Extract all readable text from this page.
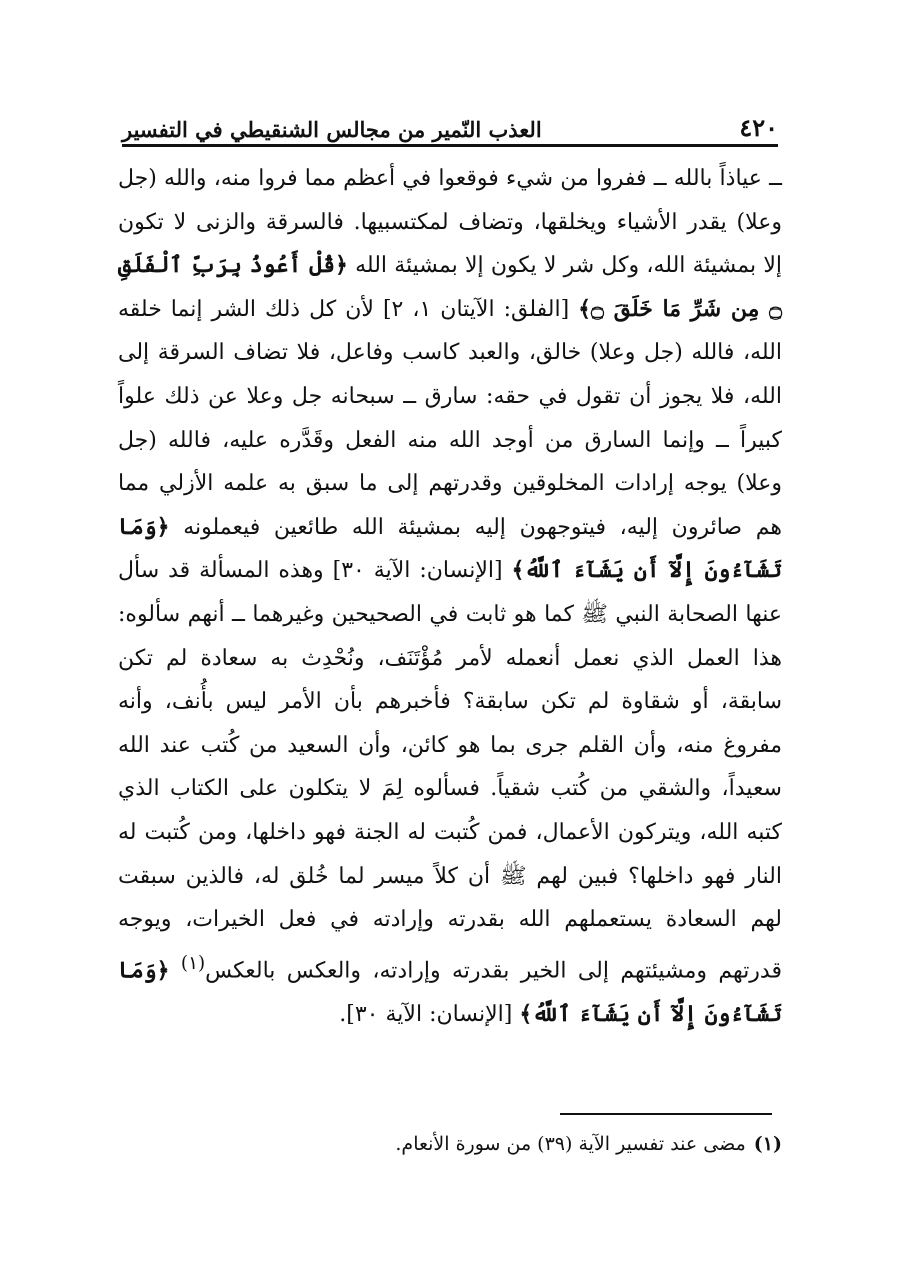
٤٢٠
العذب النّمير من مجالس الشنقيطي في التفسير

ــ عياذاً بالله ــ ففروا من شيء فوقعوا في أعظم مما فروا منه، والله (جل وعلا) يقدر الأشياء ويخلقها، وتضاف لمكتسبيها. فالسرقة والزنى لا تكون إلا بمشيئة الله، وكل شر لا يكون إلا بمشيئة الله ﴿قُلْ أَعُوذُ بِرَبِّ ٱلْفَلَقِ ۝ مِن شَرِّ مَا خَلَقَ ۝﴾ [الفلق: الآيتان ١، ٢] لأن كل ذلك الشر إنما خلقه الله، فالله (جل وعلا) خالق، والعبد كاسب وفاعل، فلا تضاف السرقة إلى الله، فلا يجوز أن تقول في حقه: سارق ــ سبحانه جل وعلا عن ذلك علواً كبيراً ــ وإنما السارق من أوجد الله منه الفعل وقَدَّره عليه، فالله (جل وعلا) يوجه إرادات المخلوقين وقدرتهم إلى ما سبق به علمه الأزلي مما هم صائرون إليه، فيتوجهون إليه بمشيئة الله طائعين فيعملونه ﴿وَمَا تَشَآءُونَ إِلَّآ أَن يَشَآءَ ٱللَّهُ﴾ [الإنسان: الآية ٣٠] وهذه المسألة قد سأل عنها الصحابة النبي ﷺ كما هو ثابت في الصحيحين وغيرهما ــ أنهم سألوه: هذا العمل الذي نعمل أنعمله لأمر مُؤْتَنَف، ونُحْدِث به سعادة لم تكن سابقة، أو شقاوة لم تكن سابقة؟ فأخبرهم بأن الأمر ليس بأُنف، وأنه مفروغ منه، وأن القلم جرى بما هو كائن، وأن السعيد من كُتب عند الله سعيداً، والشقي من كُتب شقياً. فسألوه لِمَ لا يتكلون على الكتاب الذي كتبه الله، ويتركون الأعمال، فمن كُتبت له الجنة فهو داخلها، ومن كُتبت له النار فهو داخلها؟ فبين لهم ﷺ أن كلاً ميسر لما خُلق له، فالذين سبقت لهم السعادة يستعملهم الله بقدرته وإرادته في فعل الخيرات، ويوجه قدرتهم ومشيئتهم إلى الخير بقدرته وإرادته، والعكس بالعكس$^{(١)}$ ﴿وَمَا تَشَآءُونَ إِلَّآ أَن يَشَآءَ ٱللَّهُ﴾ [الإنسان: الآية ٣٠].

(١)مضى عند تفسير الآية (٣٩) من سورة الأنعام.
